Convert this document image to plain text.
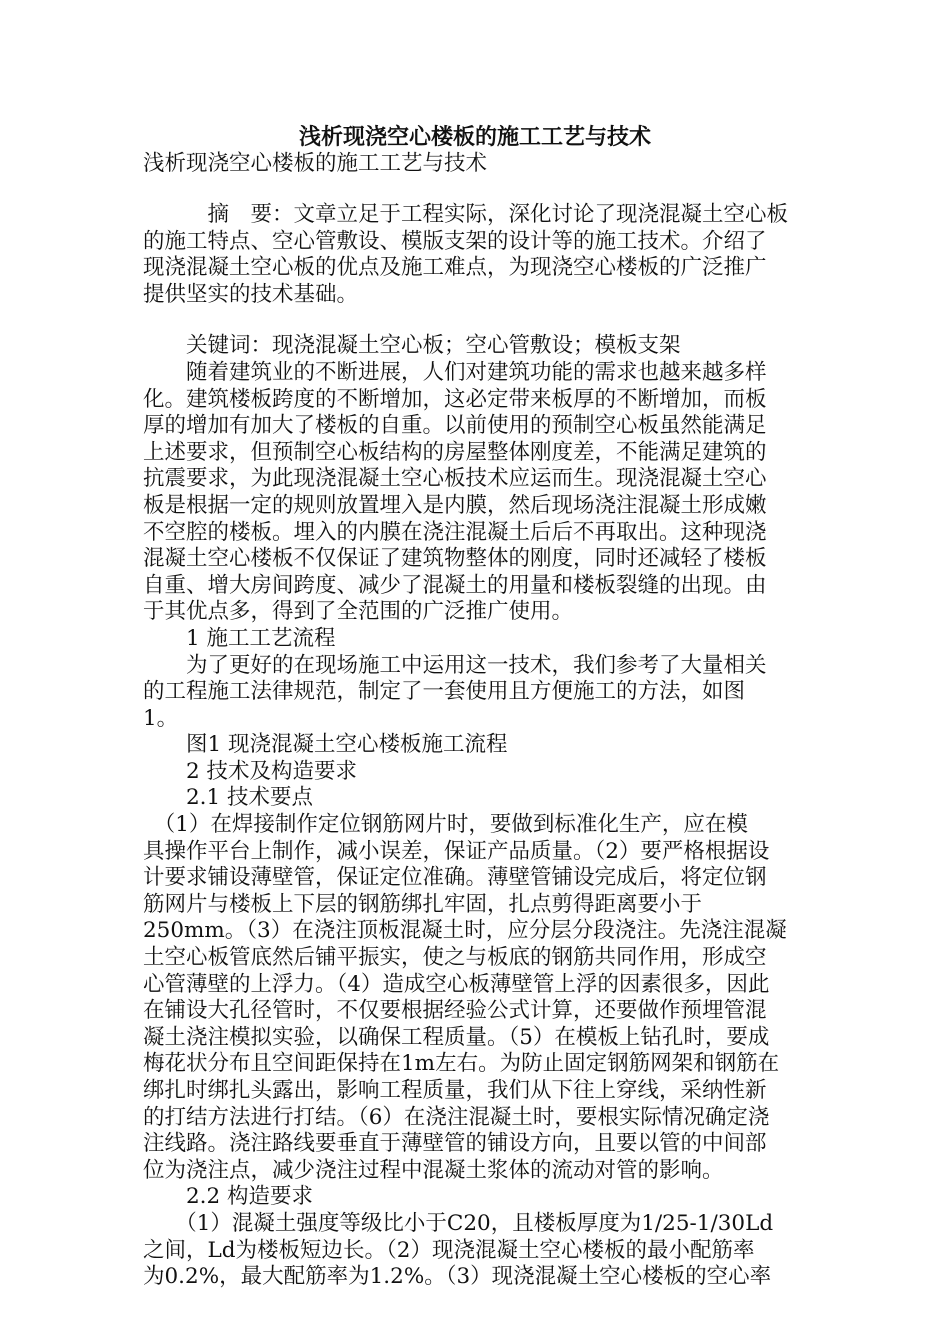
浅析现浇空心楼板的施工工艺与技术
浅析现浇空心楼板的施工工艺与技术
　　　摘　要：文章立足于工程实际，深化讨论了现浇混凝土空心板
的施工特点、空心管敷设、模版支架的设计等的施工技术。介绍了
现浇混凝土空心板的优点及施工难点，为现浇空心楼板的广泛推广
提供坚实的技术基础。
　　关键词：现浇混凝土空心板；空心管敷设；模板支架
　　随着建筑业的不断进展，人们对建筑功能的需求也越来越多样
化。建筑楼板跨度的不断增加，这必定带来板厚的不断增加，而板
厚的增加有加大了楼板的自重。以前使用的预制空心板虽然能满足
上述要求，但预制空心板结构的房屋整体刚度差，不能满足建筑的
抗震要求，为此现浇混凝土空心板技术应运而生。现浇混凝土空心
板是根据一定的规则放置埋入是内膜，然后现场浇注混凝土形成嫩
不空腔的楼板。埋入的内膜在浇注混凝土后后不再取出。这种现浇
混凝土空心楼板不仅保证了建筑物整体的刚度，同时还减轻了楼板
自重、增大房间跨度、减少了混凝土的用量和楼板裂缝的出现。由
于其优点多，得到了全范围的广泛推广使用。
　　1 施工工艺流程
　　为了更好的在现场施工中运用这一技术，我们参考了大量相关
的工程施工法律规范，制定了一套使用且方便施工的方法，如图
1。
　　图1 现浇混凝土空心楼板施工流程
　　2 技术及构造要求
　　2.1 技术要点
　（1）在焊接制作定位钢筋网片时，要做到标准化生产，应在模
具操作平台上制作，减小误差，保证产品质量。（2）要严格根据设
计要求铺设薄壁管，保证定位准确。薄壁管铺设完成后，将定位钢
筋网片与楼板上下层的钢筋绑扎牢固，扎点剪得距离要小于
250mm。（3）在浇注顶板混凝土时，应分层分段浇注。先浇注混凝
土空心板管底然后铺平振实，使之与板底的钢筋共同作用，形成空
心管薄壁的上浮力。（4）造成空心板薄壁管上浮的因素很多，因此
在铺设大孔径管时，不仅要根据经验公式计算，还要做作预埋管混
凝土浇注模拟实验，以确保工程质量。（5）在模板上钻孔时，要成
梅花状分布且空间距保持在1m左右。为防止固定钢筋网架和钢筋在
绑扎时绑扎头露出，影响工程质量，我们从下往上穿线，采纳性新
的打结方法进行打结。（6）在浇注混凝土时，要根实际情况确定浇
注线路。浇注路线要垂直于薄壁管的铺设方向，且要以管的中间部
位为浇注点，减少浇注过程中混凝土浆体的流动对管的影响。
　　2.2 构造要求
　　（1）混凝土强度等级比小于C20，且楼板厚度为1/25-1/30Ld
之间，Ld为楼板短边长。（2）现浇混凝土空心楼板的最小配筋率
为0.2%，最大配筋率为1.2%。（3）现浇混凝土空心楼板的空心率
